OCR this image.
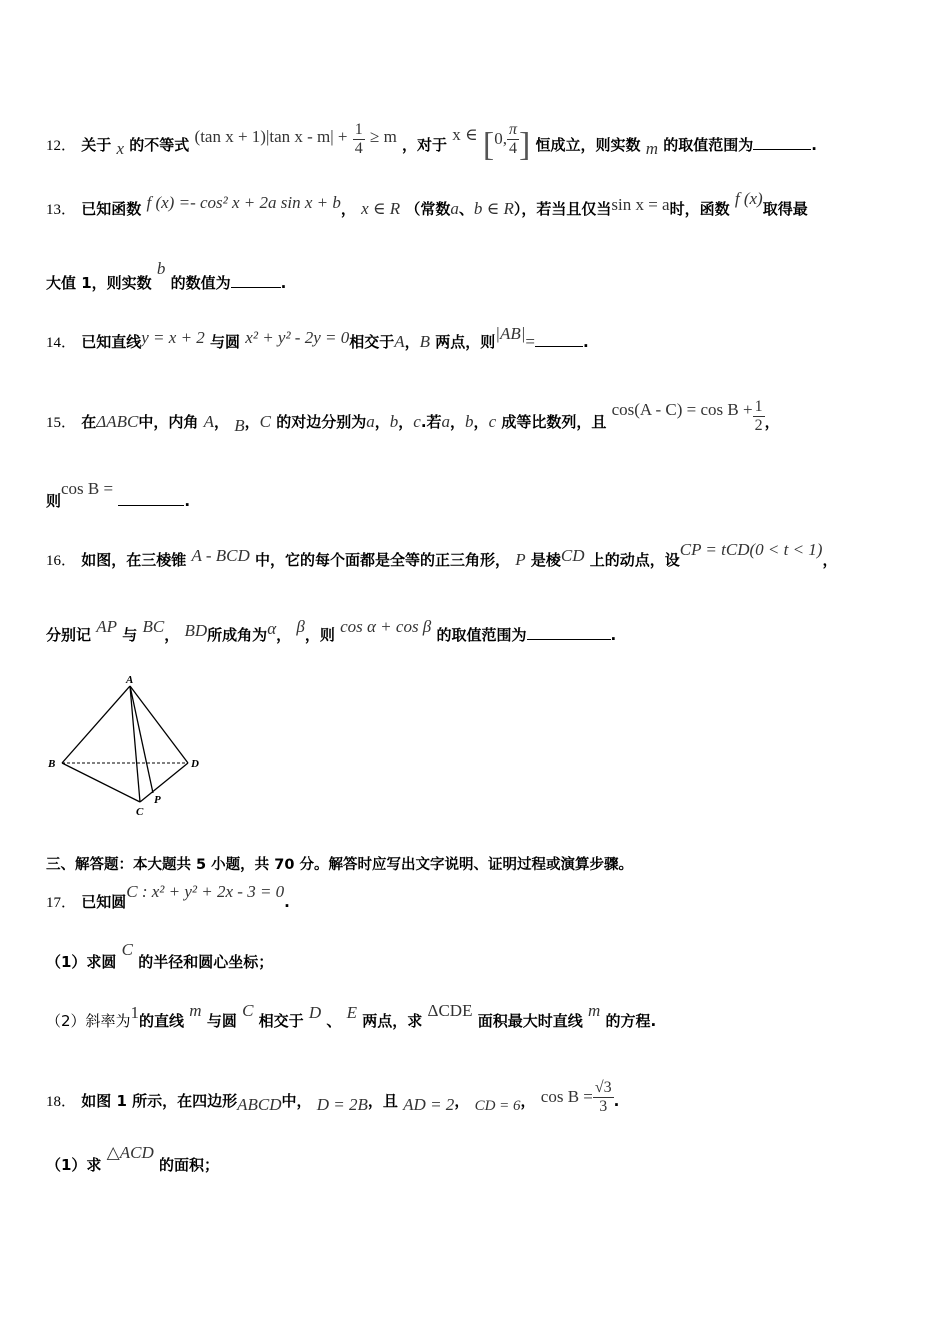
12． 关于 x 的不等式 (tan x + 1)|tan $x - m| + \frac{1}{4} \ge m$ ，对于 x ∈ [0, $\frac{\pi}{4}$ ] 恒成立，则实数 m 的取值范围为	.
13． 已知函数 f (x) =- cos² x + 2a sin x + b， x ∈ R （常数a、b ∈ R），若当且仅当sin x = a时，函数 f (x)取得最
大值 1，则实数 b 的数值为	.
14． 已知直线y = x + 2 与圆 x² + y² - 2y = 0相交于A，B 两点，则|AB|=	.
15． 在ΔABC中，内角 A， B，C 的对边分别为a，b，c.若a，b，c 成等比数列，且 $\cos(A - C) = \cos B + \frac{1}{2}$ ，
则cos B = .
16． 如图，在三棱锥 A - BCD 中，它的每个面都是全等的正三角形， P 是棱CD 上的动点，设CP = tCD(0 < t < 1)，
分别记 AP 与 BC， BD所成角为α， β，则 cos α + cos β 的取值范围为	.
A
B
C
D
P
三、解答题：本大题共 5 小题，共 70 分。解答时应写出文字说明、证明过程或演算步骤。
17． 已知圆C : x² + y² + 2x - 3 = 0.
（1）求圆 C 的半径和圆心坐标；
（2）斜率为1的直线 m 与圆 C 相交于 D 、 E 两点，求 ΔCDE 面积最大时直线 m 的方程.
18． 如图 1 所示，在四边形ABCD中， D = 2B，且 AD = 2， CD = 6， $\cos B = \frac{√3}{3}$ .
（1）求 △ACD 的面积；
